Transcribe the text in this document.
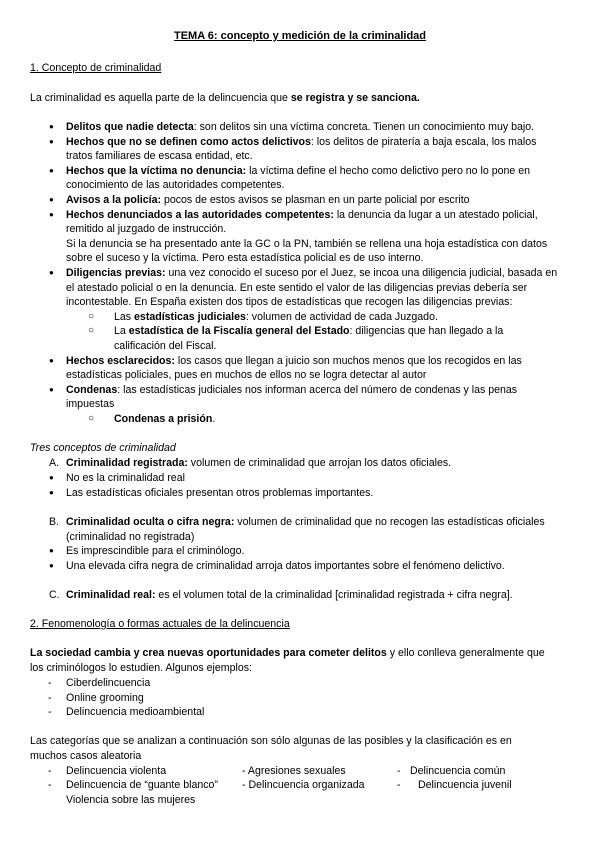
TEMA 6: concepto y medición de la criminalidad
1. Concepto de criminalidad

La criminalidad es aquella parte de la delincuencia que se registra y se sanciona.

● Delitos que nadie detecta: son delitos sin una víctima concreta. Tienen un conocimiento muy bajo.
● Hechos que no se definen como actos delictivos: los delitos de piratería a baja escala, los malos tratos familiares de escasa entidad, etc.
● Hechos que la víctima no denuncia: la víctima define el hecho como delictivo pero no lo pone en conocimiento de las autoridades competentes.
● Avisos a la policía: pocos de estos avisos se plasman en un parte policial por escrito
● Hechos denunciados a las autoridades competentes: la denuncia da lugar a un atestado policial, remitido al juzgado de instrucción.
Si la denuncia se ha presentado ante la GC o la PN, también se rellena una hoja estadística con datos sobre el suceso y la víctima. Pero esta estadística policial es de uso interno.
● Diligencias previas: una vez conocido el suceso por el Juez, se incoa una diligencia judicial, basada en el atestado policial o en la denuncia. En este sentido el valor de las diligencias previas debería ser incontestable. En España existen dos tipos de estadísticas que recogen las diligencias previas:
○ Las estadísticas judiciales: volumen de actividad de cada Juzgado.
○ La estadística de la Fiscalía general del Estado: diligencias que han llegado a la calificación del Fiscal.
● Hechos esclarecidos: los casos que llegan a juicio son muchos menos que los recogidos en las estadísticas policiales, pues en muchos de ellos no se logra detectar al autor
● Condenas: las estadísticas judiciales nos informan acerca del número de condenas y las penas impuestas
○ Condenas a prisión.
Tres conceptos de criminalidad
A. Criminalidad registrada: volumen de criminalidad que arrojan los datos oficiales.
● No es la criminalidad real
● Las estadísticas oficiales presentan otros problemas importantes.
B. Criminalidad oculta o cifra negra: volumen de criminalidad que no recogen las estadísticas oficiales (criminalidad no registrada)
● Es imprescindible para el criminólogo.
● Una elevada cifra negra de criminalidad arroja datos importantes sobre el fenómeno delictivo.
C. Criminalidad real: es el volumen total de la criminalidad [criminalidad registrada + cifra negra].
2. Fenomenología o formas actuales de la delincuencia

La sociedad cambia y crea nuevas oportunidades para cometer delitos y ello conlleva generalmente que los criminólogos lo estudien. Algunos ejemplos:

- Ciberdelincuencia
- Online grooming
- Delincuencia medioambiental

Las categorías que se analizan a continuación son sólo algunas de las posibles y la clasificación es en muchos casos aleatoria

- Delincuencia violenta	- Agresiones sexuales	- Delincuencia común
- Delincuencia de “guante blanco” - Delincuencia organizada	- Delincuencia juvenil
Violencia sobre las mujeres
